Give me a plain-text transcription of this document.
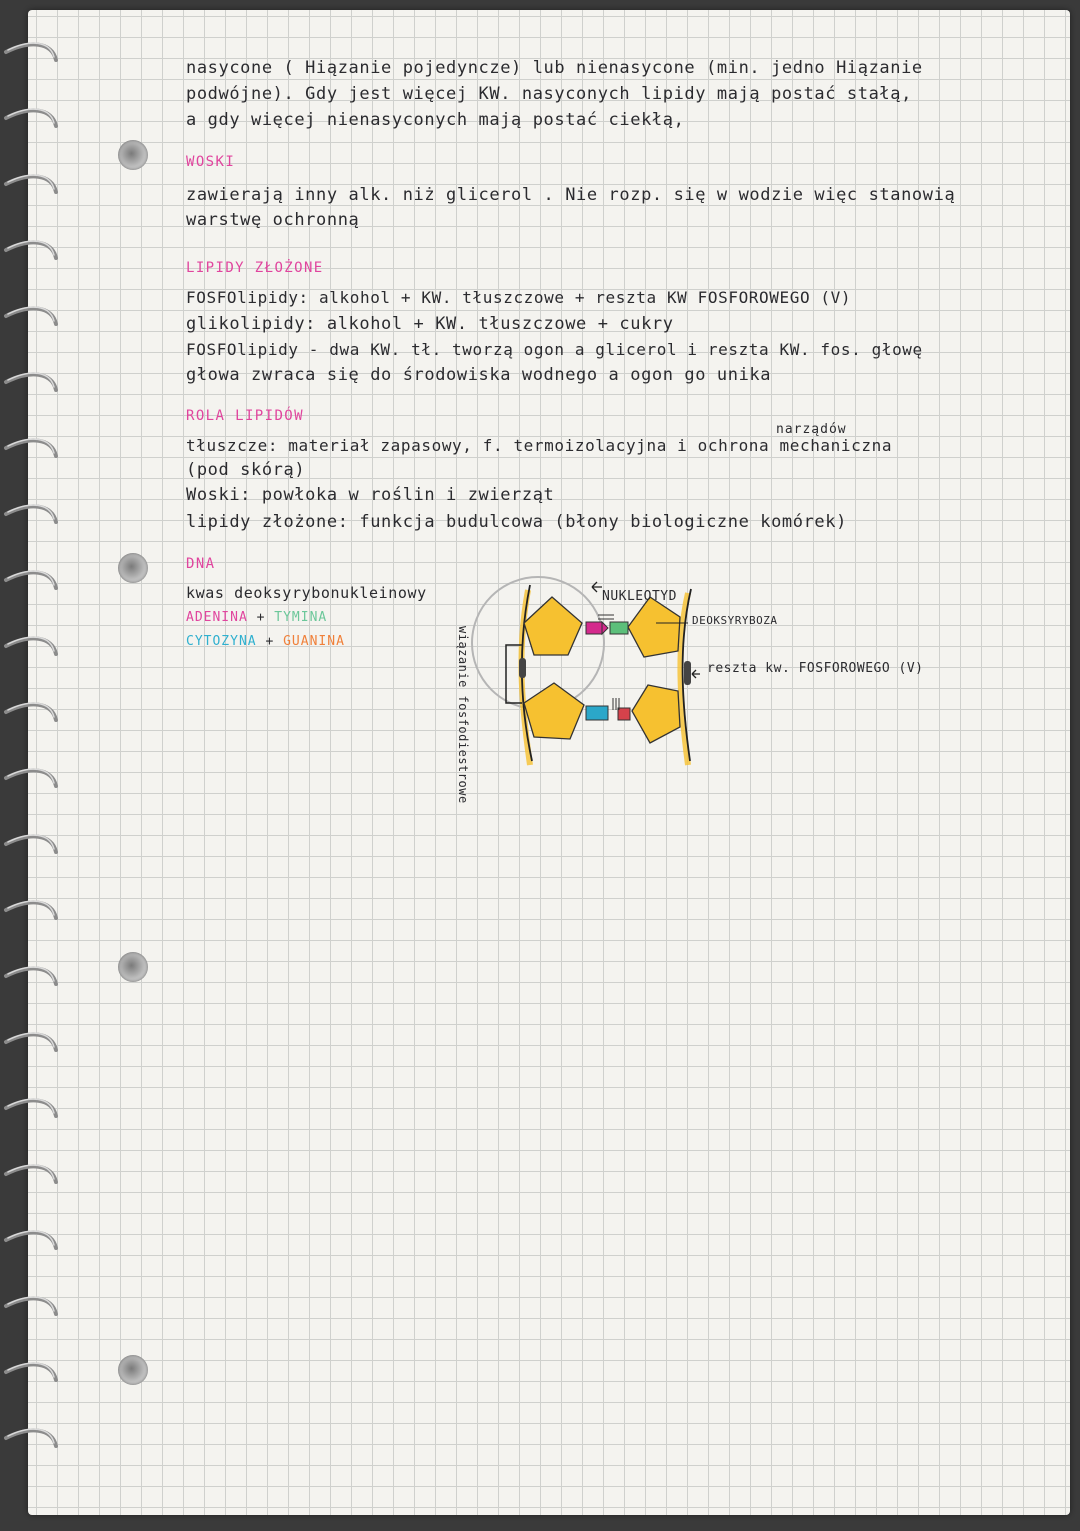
nasycone ( Hiązanie pojedyncze) lub nienasycone (min. jedno Hiązanie
podwójne). Gdy jest więcej KW. nasyconych lipidy mają postać stałą,
a gdy więcej nienasyconych mają postać ciekłą,
WOSKI
zawierają inny alk. niż glicerol . Nie rozp. się w wodzie więc stanowią
warstwę ochronną
LIPIDY ZŁOŻONE
FOSFOlipidy: alkohol + KW. tłuszczowe + reszta KW FOSFOROWEGO (V)
glikolipidy: alkohol + KW. tłuszczowe + cukry
FOSFOlipidy - dwa KW. tł. tworzą ogon a glicerol i reszta KW. fos. głowę
głowa zwraca się do środowiska wodnego a ogon go unika
ROLA LIPIDÓW
narządów
tłuszcze: materiał zapasowy, f. termoizolacyjna i ochrona mechaniczna
(pod skórą)
Woski: powłoka w roślin i zwierząt
lipidy złożone: funkcja budulcowa (błony biologiczne komórek)
DNA
kwas deoksyrybonukleinowy
ADENINA + TYMINA
CYTOZYNA + GUANINA
NUKLEOTYD
DEOKSYRYBOZA
reszta kw. FOSFOROWEGO (V)
wiązanie fosfodiestrowe
